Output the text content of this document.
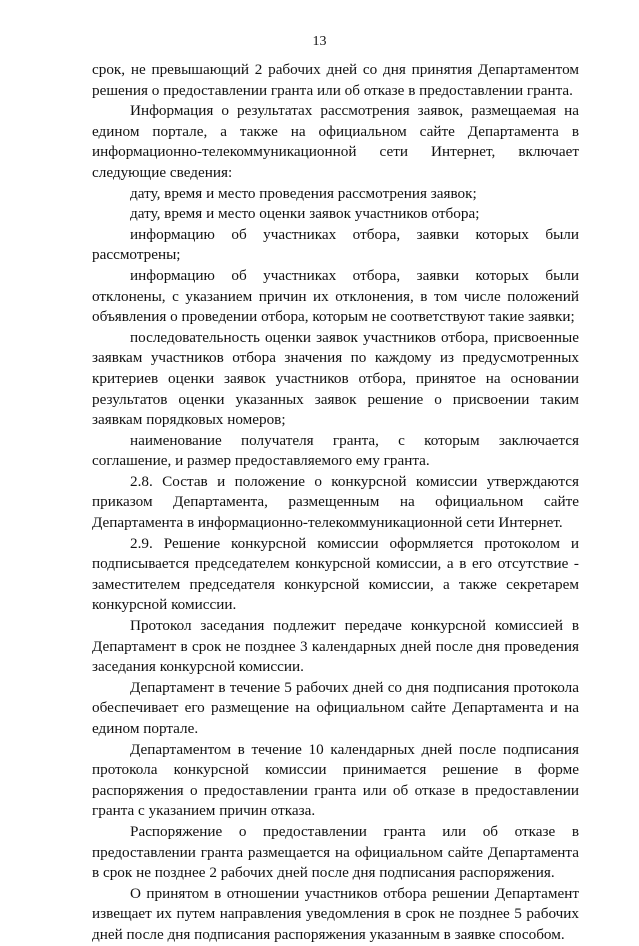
13

срок, не превышающий 2 рабочих дней со дня принятия Департаментом решения о предоставлении гранта или об отказе в предоставлении гранта.

Информация о результатах рассмотрения заявок, размещаемая на едином портале, а также на официальном сайте Департамента в информационно-телекоммуникационной сети Интернет, включает следующие сведения:

дату, время и место проведения рассмотрения заявок;

дату, время и место оценки заявок участников отбора;

информацию об участниках отбора, заявки которых были рассмотрены;

информацию об участниках отбора, заявки которых были отклонены, с указанием причин их отклонения, в том числе положений объявления о проведении отбора, которым не соответствуют такие заявки;

последовательность оценки заявок участников отбора, присвоенные заявкам участников отбора значения по каждому из предусмотренных критериев оценки заявок участников отбора, принятое на основании результатов оценки указанных заявок решение о присвоении таким заявкам порядковых номеров;

наименование получателя гранта, с которым заключается соглашение, и размер предоставляемого ему гранта.

2.8. Состав и положение о конкурсной комиссии утверждаются приказом Департамента, размещенным на официальном сайте Департамента в информационно-телекоммуникационной сети Интернет.

2.9. Решение конкурсной комиссии оформляется протоколом и подписывается председателем конкурсной комиссии, а в его отсутствие - заместителем председателя конкурсной комиссии, а также секретарем конкурсной комиссии.

Протокол заседания подлежит передаче конкурсной комиссией в Департамент в срок не позднее 3 календарных дней после дня проведения заседания конкурсной комиссии.

Департамент в течение 5 рабочих дней со дня подписания протокола обеспечивает его размещение на официальном сайте Департамента и на едином портале.

Департаментом в течение 10 календарных дней после подписания протокола конкурсной комиссии принимается решение в форме распоряжения о предоставлении гранта или об отказе в предоставлении гранта с указанием причин отказа.

Распоряжение о предоставлении гранта или об отказе в предоставлении гранта размещается на официальном сайте Департамента в срок не позднее 2 рабочих дней после дня подписания распоряжения.

О принятом в отношении участников отбора решении Департамент извещает их путем направления уведомления в срок не позднее 5 рабочих дней после дня подписания распоряжения указанным в заявке способом.
